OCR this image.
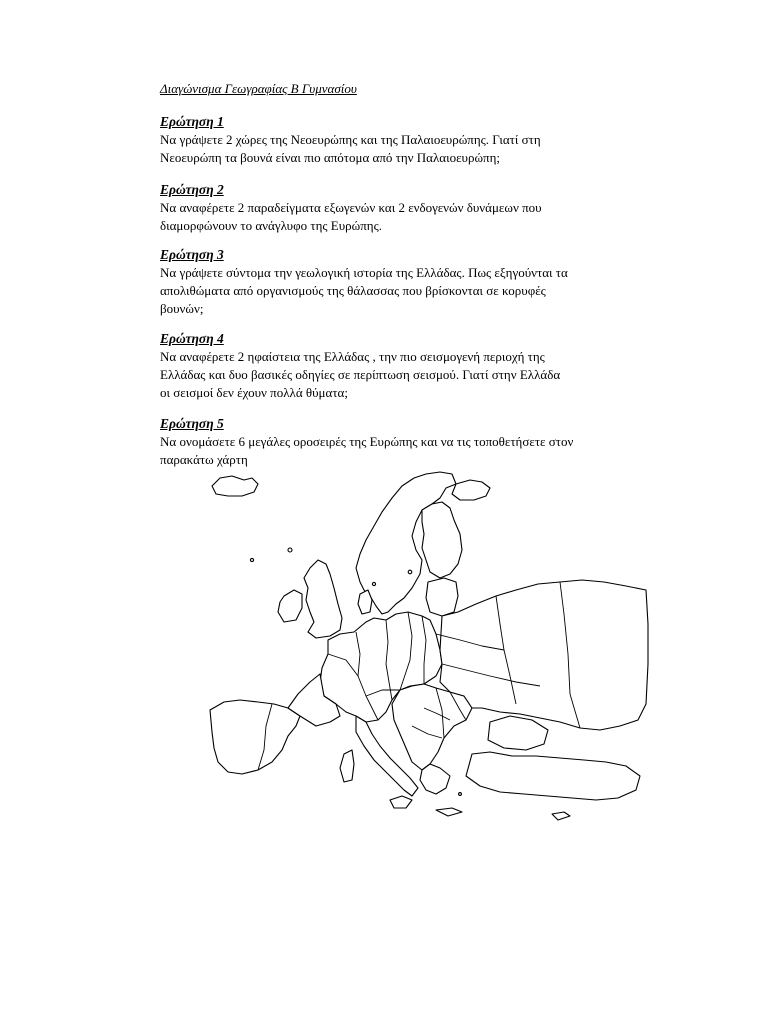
Διαγώνισμα Γεωγραφίας Β Γυμνασίου
Ερώτηση 1
Να γράψετε 2 χώρες της Νεοευρώπης και της Παλαιοευρώπης. Γιατί στη
Νεοευρώπη τα βουνά είναι πιο απότομα από την Παλαιοευρώπη;
Ερώτηση 2
Να αναφέρετε 2 παραδείγματα εξωγενών και 2 ενδογενών δυνάμεων που
διαμορφώνουν το ανάγλυφο της Ευρώπης.
Ερώτηση 3
Να γράψετε σύντομα την γεωλογική ιστορία της Ελλάδας. Πως εξηγούνται τα
απολιθώματα από οργανισμούς της θάλασσας που βρίσκονται σε κορυφές
βουνών;
Ερώτηση 4
Να αναφέρετε 2 ηφαίστεια της Ελλάδας , την πιο σεισμογενή περιοχή της
Ελλάδας και δυο βασικές οδηγίες σε περίπτωση σεισμού. Γιατί στην Ελλάδα
οι σεισμοί δεν έχουν πολλά θύματα;
Ερώτηση 5
Να ονομάσετε 6 μεγάλες οροσειρές της Ευρώπης και να τις τοποθετήσετε στον
παρακάτω χάρτη
